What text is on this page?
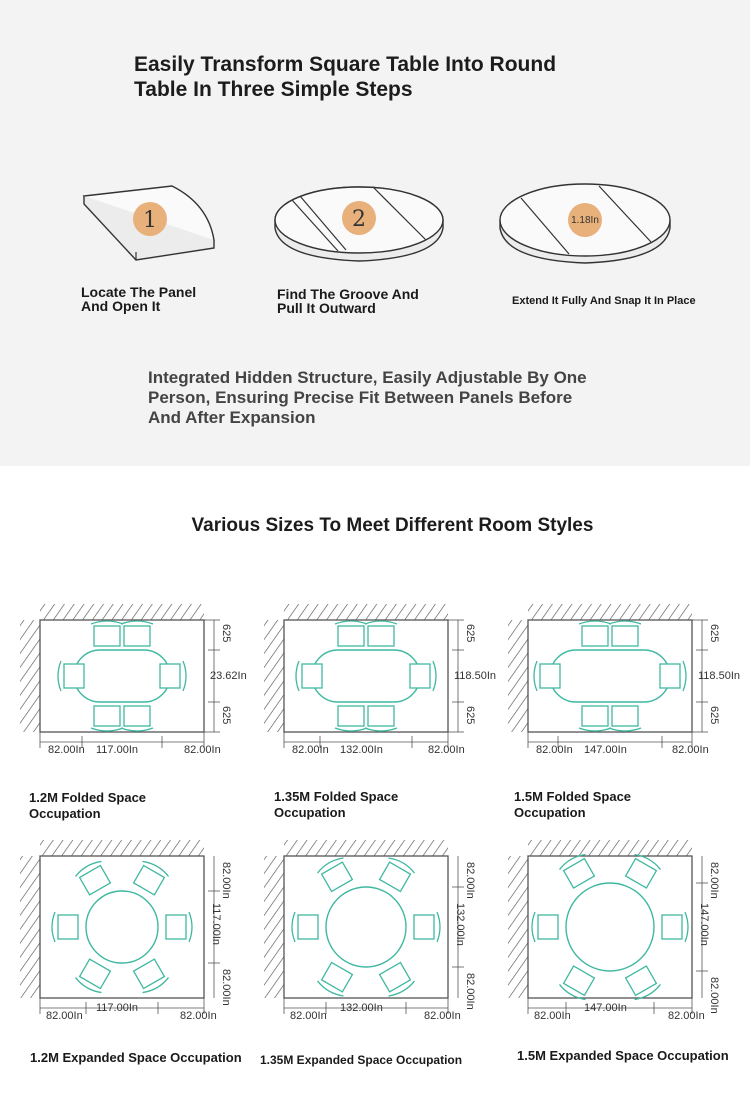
Easily Transform Square Table Into Round
Table In Three Simple Steps
1
Locate The Panel
And Open It
2
Find The Groove And
Pull It Outward
1.18In
Extend It Fully And Snap It In Place

Integrated Hidden Structure, Easily Adjustable By One
Person, Ensuring Precise Fit Between Panels Before
And After Expansion

Various Sizes To Meet Different Room Styles
82.00In 117.00In	82.00In
625
23.62In
625
82.00In 132.00In	82.00In
625
118.50In
625
82.00In 147.00In	82.00In
625
118.50In
625
82.00In
117.00In
82.00In
82.00In
117.00In
82.00In
82.00In
132.00In
82.00In
82.00In
132.00In
82.00In
82.00In
147.00In
82.00In
82.00In
147.00In
82.00In
1.2M Folded Space
Occupation
1.35M Folded Space
Occupation
1.5M Folded Space
Occupation
1.2M Expanded Space Occupation 1.35M Expanded Space Occupation	1.5M Expanded Space Occupation
